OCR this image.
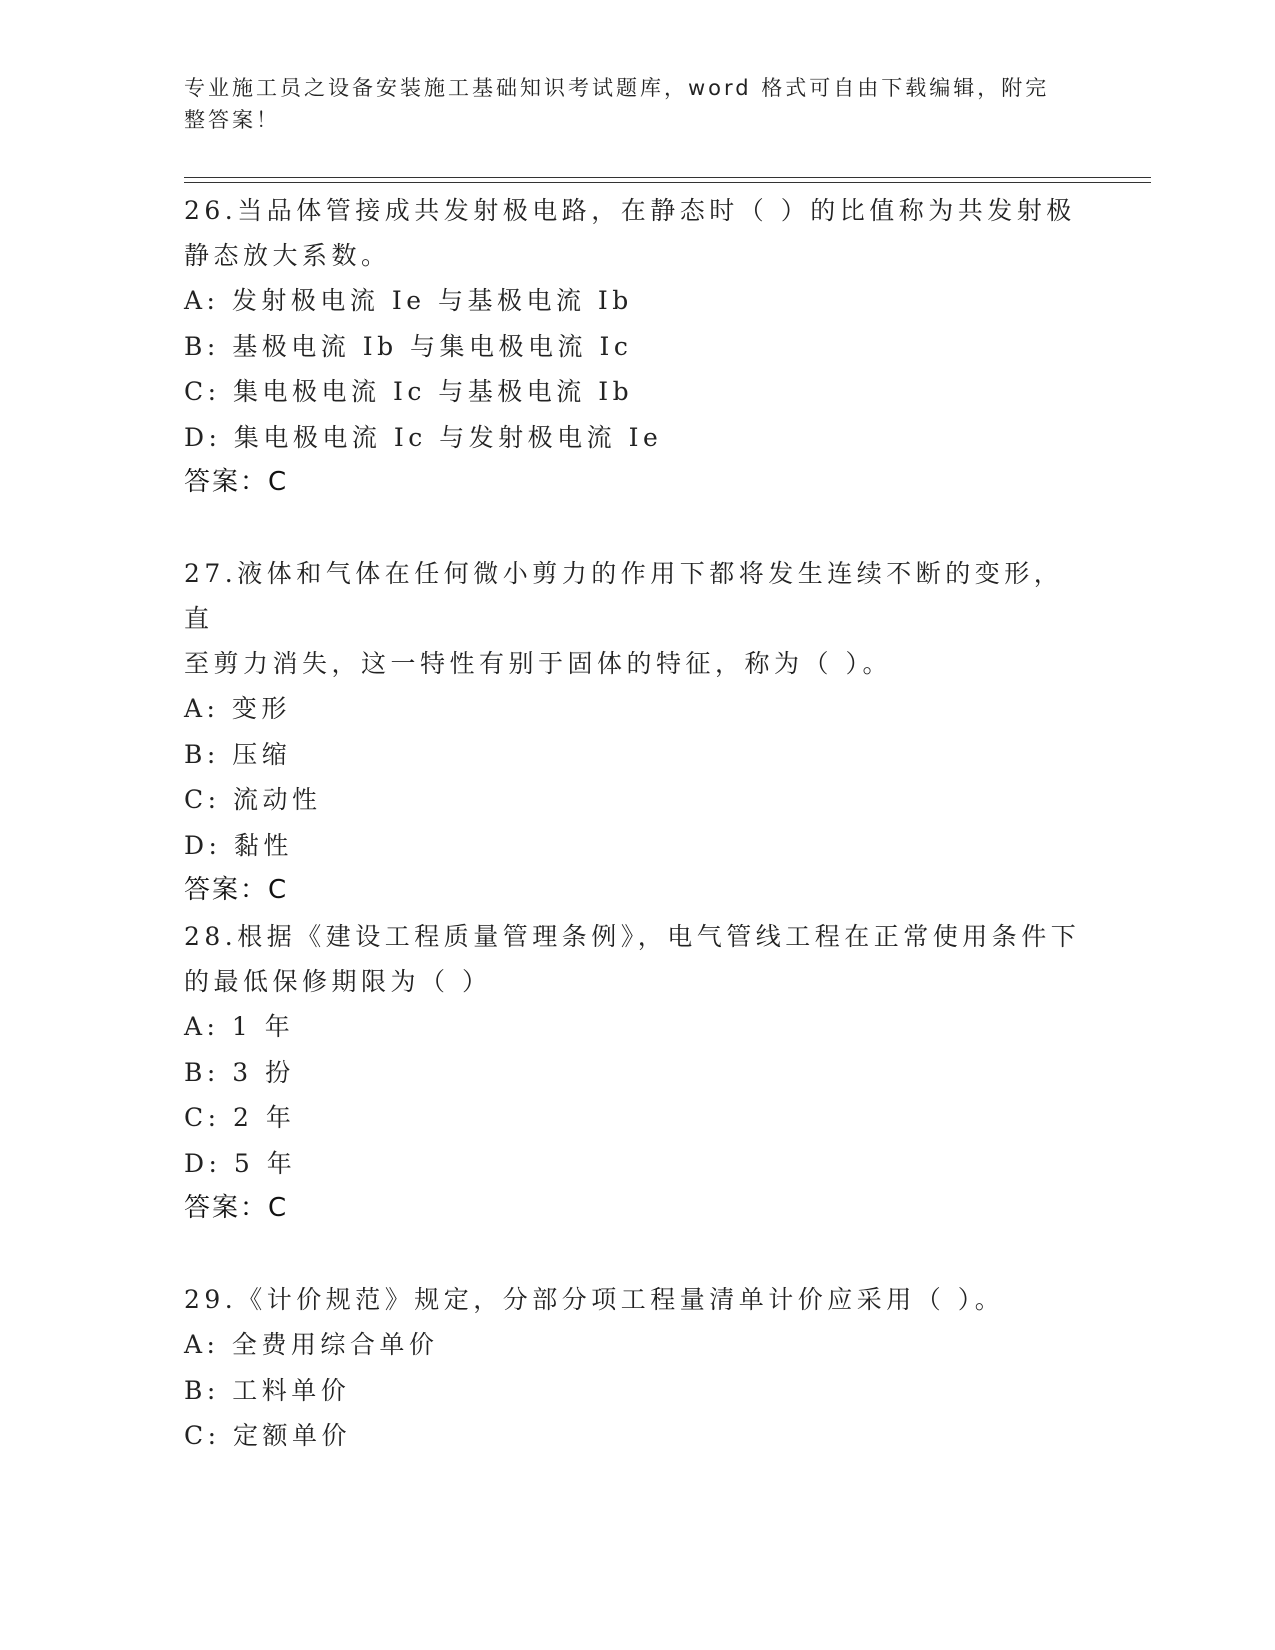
专业施工员之设备安装施工基础知识考试题库，word 格式可自由下载编辑，附完
整答案！
26.当品体管接成共发射极电路，在静态时（ ）的比值称为共发射极
静态放大系数。
A: 发射极电流 Ie 与基极电流 Ib
B: 基极电流 Ib 与集电极电流 Ic
C: 集电极电流 Ic 与基极电流 Ib
D: 集电极电流 Ic 与发射极电流 Ie
答案：C
27.液体和气体在任何微小剪力的作用下都将发生连续不断的变形，直
至剪力消失，这一特性有别于固体的特征，称为（ ）。
A: 变形
B: 压缩
C: 流动性
D: 黏性
答案：C
28.根据《建设工程质量管理条例》，电气管线工程在正常使用条件下
的最低保修期限为（ ）
A: 1 年
B: 3 扮
C: 2 年
D: 5 年
答案：C
29.《计价规范》规定，分部分项工程量清单计价应采用（ ）。
A: 全费用综合单价
B: 工料单价
C: 定额单价
